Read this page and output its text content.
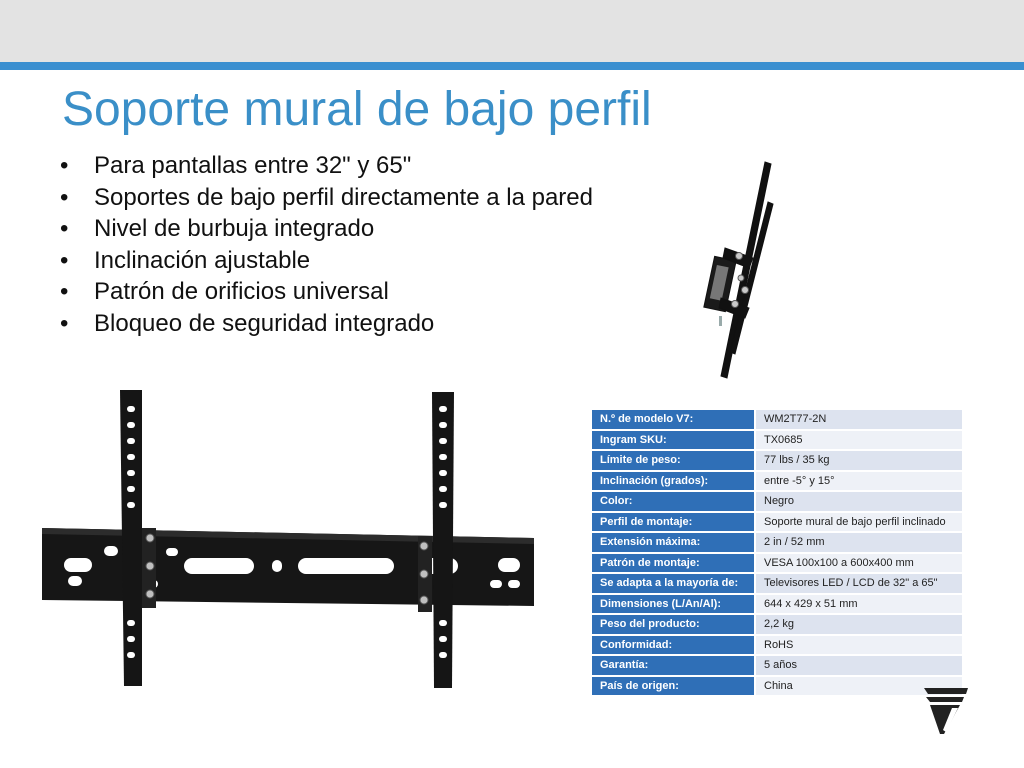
Soporte mural de bajo perfil
• Para pantallas entre 32" y 65"
• Soportes de bajo perfil directamente a la pared
• Nivel de burbuja integrado
• Inclinación ajustable
• Patrón de orificios universal
• Bloqueo de seguridad integrado
N.º de modelo V7:	WM2T77-2N
Ingram SKU:	TX0685
Límite de peso:	77 lbs / 35 kg
Inclinación (grados):	entre -5° y 15°
Color:	Negro
Perfil de montaje:	Soporte mural de bajo perfil inclinado
Extensión máxima:	2 in / 52 mm
Patrón de montaje:	VESA 100x100 a 600x400 mm
Se adapta a la mayoría de:	Televisores LED / LCD de 32" a 65"
Dimensiones (L/An/Al):	644 x 429 x 51 mm
Peso del producto:	2,2 kg
Conformidad:	RoHS
Garantía:	5 años
País de origen:	China
